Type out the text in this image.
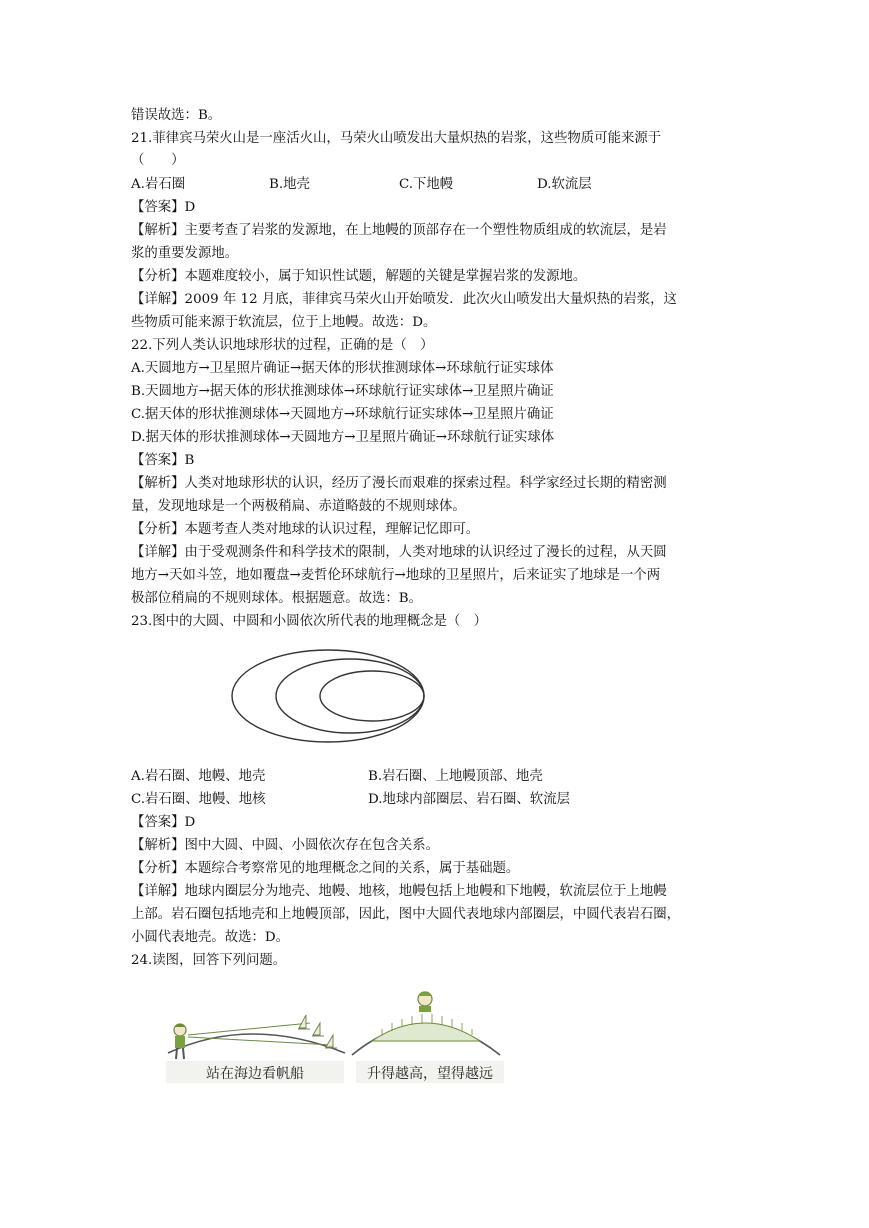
错误故选：B。

21.菲律宾马荣火山是一座活火山，马荣火山喷发出大量炽热的岩浆，这些物质可能来源于

（　　）

A.岩石圈	B.地壳	C.下地幔	D.软流层

【答案】D

【解析】主要考查了岩浆的发源地，在上地幔的顶部存在一个塑性物质组成的软流层，是岩

浆的重要发源地。

【分析】本题难度较小，属于知识性试题，解题的关键是掌握岩浆的发源地。

【详解】2009 年 12 月底，菲律宾马荣火山开始喷发．此次火山喷发出大量炽热的岩浆，这

些物质可能来源于软流层，位于上地幔。故选：D。

22.下列人类认识地球形状的过程，正确的是（　）

A.天圆地方→卫星照片确证→据天体的形状推测球体→环球航行证实球体

B.天圆地方→据天体的形状推测球体→环球航行证实球体→卫星照片确证

C.据天体的形状推测球体→天圆地方→环球航行证实球体→卫星照片确证

D.据天体的形状推测球体→天圆地方→卫星照片确证→环球航行证实球体

【答案】B

【解析】人类对地球形状的认识，经历了漫长而艰难的探索过程。科学家经过长期的精密测

量，发现地球是一个两极稍扁、赤道略鼓的不规则球体。

【分析】本题考查人类对地球的认识过程，理解记忆即可。

【详解】由于受观测条件和科学技术的限制，人类对地球的认识经过了漫长的过程，从天圆

地方→天如斗笠，地如覆盘→麦哲伦环球航行→地球的卫星照片，后来证实了地球是一个两

极部位稍扁的不规则球体。根据题意。故选：B。

23.图中的大圆、中圆和小圆依次所代表的地理概念是（　）

A.岩石圈、地幔、地壳	B.岩石圈、上地幔顶部、地壳
C.岩石圈、地幔、地核	D.地球内部圈层、岩石圈、软流层

【答案】D

【解析】图中大圆、中圆、小圆依次存在包含关系。

【分析】本题综合考察常见的地理概念之间的关系，属于基础题。

【详解】地球内圈层分为地壳、地幔、地核，地幔包括上地幔和下地幔，软流层位于上地幔

上部。岩石圈包括地壳和上地幔顶部，因此，图中大圆代表地球内部圈层，中圆代表岩石圈，

小圆代表地壳。故选：D。

24.读图，回答下列问题。

站在海边看帆船	升得越高，望得越远
